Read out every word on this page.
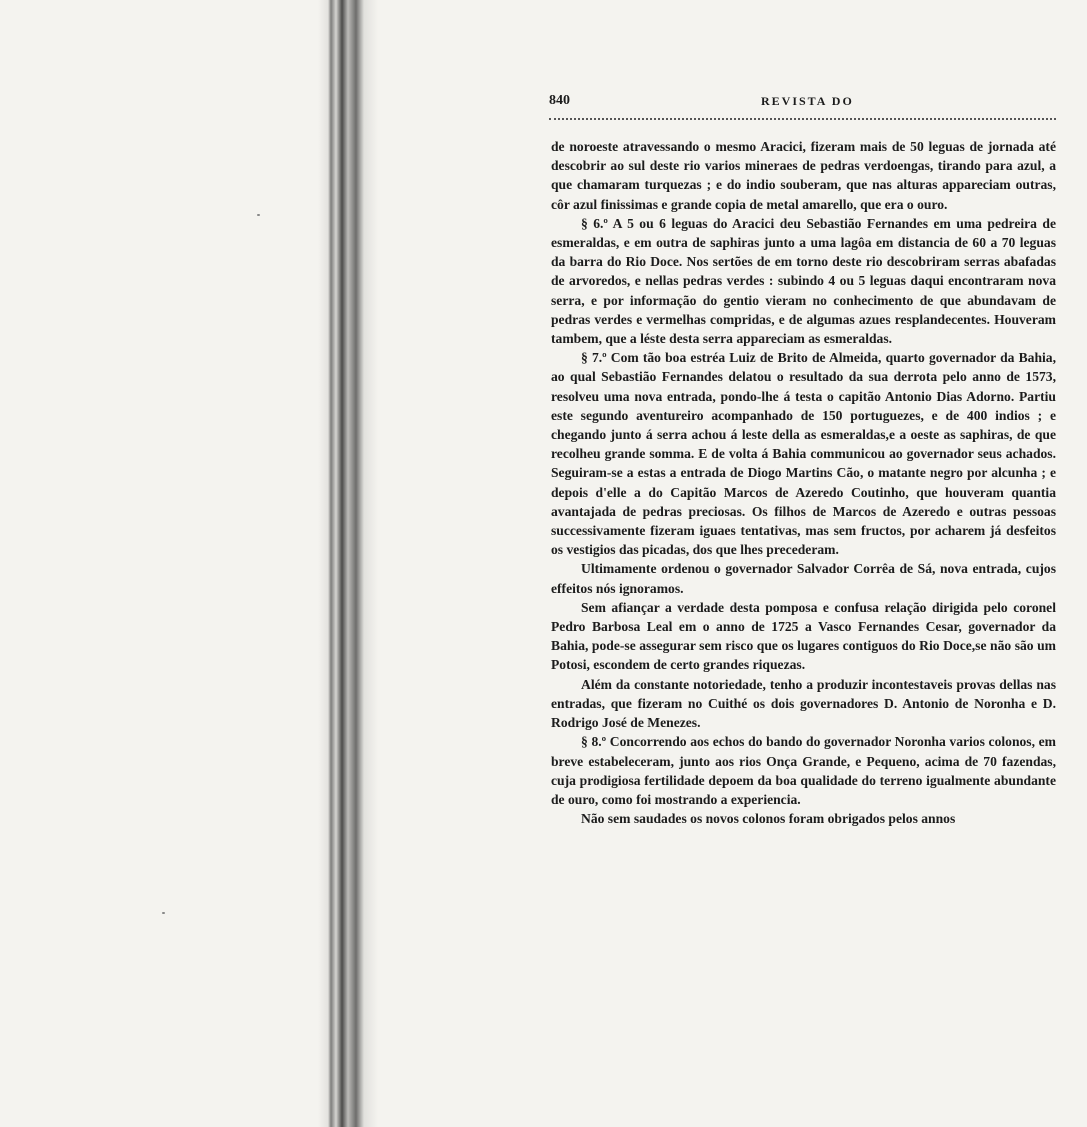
840	REVISTA DO

de noroeste atravessando o mesmo Aracici, fizeram mais de 50 leguas de jornada até descobrir ao sul deste rio varios mineraes de pedras verdoengas, tirando para azul, a que chamaram turquezas ; e do indio souberam, que nas alturas appareciam outras, côr azul finissimas e grande copia de metal amarello, que era o ouro.

§ 6.º A 5 ou 6 leguas do Aracici deu Sebastião Fernandes em uma pedreira de esmeraldas, e em outra de saphiras junto a uma lagôa em distancia de 60 a 70 leguas da barra do Rio Doce. Nos sertões de em torno deste rio descobriram serras abafadas de arvoredos, e nellas pedras verdes : subindo 4 ou 5 leguas daqui encontraram nova serra, e por informação do gentio vieram no conhecimento de que abundavam de pedras verdes e vermelhas compridas, e de algumas azues resplandecentes. Houveram tambem, que a léste desta serra appareciam as esmeraldas.

§ 7.º Com tão boa estréa Luiz de Brito de Almeida, quarto governador da Bahia, ao qual Sebastião Fernandes delatou o resultado da sua derrota pelo anno de 1573, resolveu uma nova entrada, pondo-lhe á testa o capitão Antonio Dias Adorno. Partiu este segundo aventureiro acompanhado de 150 portuguezes, e de 400 indios ; e chegando junto á serra achou á leste della as esmeraldas,e a oeste as saphiras, de que recolheu grande somma. E de volta á Bahia communicou ao governador seus achados. Seguiram-se a estas a entrada de Diogo Martins Cão, o matante negro por alcunha ; e depois d'elle a do Capitão Marcos de Azeredo Coutinho, que houveram quantia avantajada de pedras preciosas. Os filhos de Marcos de Azeredo e outras pessoas successivamente fizeram iguaes tentativas, mas sem fructos, por acharem já desfeitos os vestigios das picadas, dos que lhes precederam.

Ultimamente ordenou o governador Salvador Corrêa de Sá, nova entrada, cujos effeitos nós ignoramos.

Sem afiançar a verdade desta pomposa e confusa relação dirigida pelo coronel Pedro Barbosa Leal em o anno de 1725 a Vasco Fernandes Cesar, governador da Bahia, pode-se assegurar sem risco que os lugares contiguos do Rio Doce,se não são um Potosi, escondem de certo grandes riquezas.

Além da constante notoriedade, tenho a produzir incontestaveis provas dellas nas entradas, que fizeram no Cuithé os dois governadores D. Antonio de Noronha e D. Rodrigo José de Menezes.

§ 8.º Concorrendo aos echos do bando do governador Noronha varios colonos, em breve estabeleceram, junto aos rios Onça Grande, e Pequeno, acima de 70 fazendas, cuja prodigiosa fertilidade depoem da boa qualidade do terreno igualmente abundante de ouro, como foi mostrando a experiencia.

Não sem saudades os novos colonos foram obrigados pelos annos
